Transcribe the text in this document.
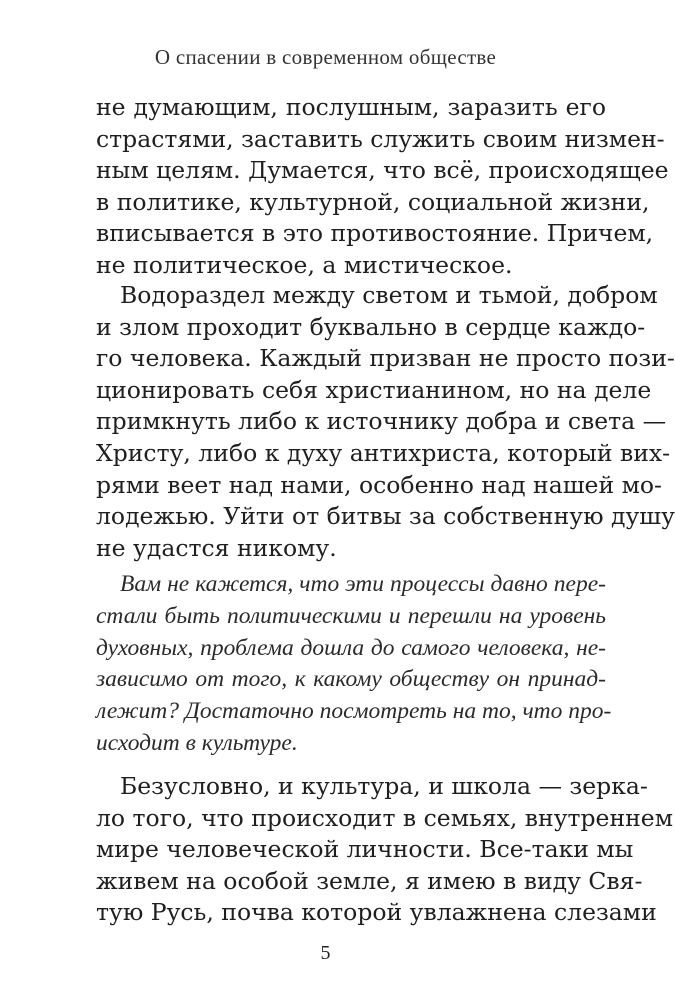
О спасении в современном обществе
не думающим, послушным, заразить его
страстями, заставить служить своим низмен-
ным целям. Думается, что всё, происходящее
в политике, культурной, социальной жизни,
вписывается в это противостояние. Причем,
не политическое, а мистическое.
Водораздел между светом и тьмой, добром
и злом проходит буквально в сердце каждо-
го человека. Каждый призван не просто пози-
ционировать себя христианином, но на деле
примкнуть либо к источнику добра и света —
Христу, либо к духу антихриста, который вих-
рями веет над нами, особенно над нашей мо-
лодежью. Уйти от битвы за собственную душу
не удастся никому.
Вам не кажется, что эти процессы давно пере-
стали быть политическими и перешли на уровень
духовных, проблема дошла до самого человека, не-
зависимо от того, к какому обществу он принад-
лежит? Достаточно посмотреть на то, что про-
исходит в культуре.
Безусловно, и культура, и школа — зерка-
ло того, что происходит в семьях, внутреннем
мире человеческой личности. Все-таки мы
живем на особой земле, я имею в виду Свя-
тую Русь, почва которой увлажнена слезами
5
